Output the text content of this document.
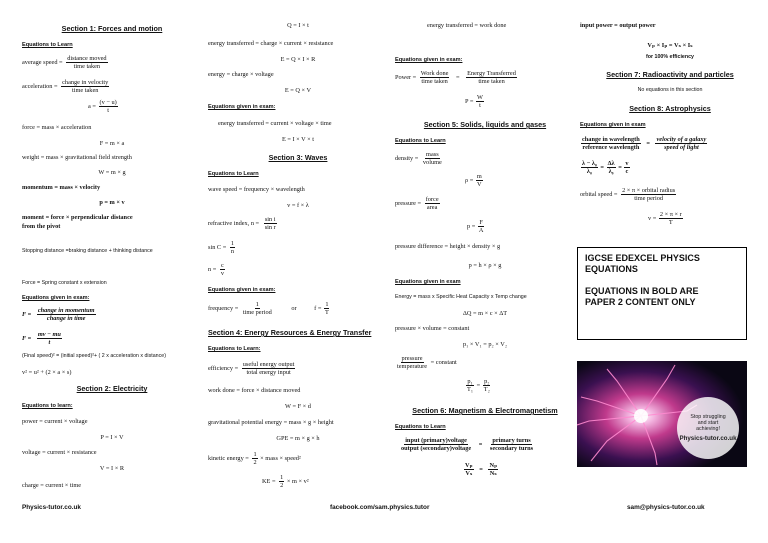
Section 1: Forces and motion
Equations to Learn
average speed = $\frac{\text{distance moved}}{\text{time taken}}$
acceleration = $\frac{\text{change in velocity}}{\text{time taken}}$
$a = \frac{(v - u)}{t}$
force = mass × acceleration
F = m × a
weight = mass × gravitational field strength
W = m × g
momentum = mass × velocity
p = m × v
moment = force × perpendicular distance
from the pivot
Stopping distance =braking distance + thinking distance
Force = Spring constant x extension
Equations given in exam:
$F = \frac{\text{change in momentum}}{\text{change in time}}$
$F = \frac{mv - mu}{t}$
(Final speed)² = (initial speed)²+ ( 2 x acceleration x distance)
v² = u² + (2 × a × s)
Section 2: Electricity
Equations to learn:
power = current × voltage
P = I × V
voltage = current × resistance
V = I × R
charge = current × time
Q = I × t
energy transferred = charge × current × resistance
E = Q × I × R
energy = charge × voltage
E = Q × V
Equations given in exam:
energy transferred = current × voltage × time
E = I × V × t
Section 3: Waves
Equations to Learn
wave speed = frequency × wavelength
v = f × λ
refractive index, $n = \frac{\text{sin i}}{\text{sin r}}$
$\sin C = \frac{1}{n}$
$n = \frac{c}{v}$
Equations given in exam:
frequency = $\frac{1}{\text{time period}}$	or	$f = \frac{1}{T}$
Section 4: Energy Resources & Energy Transfer
Equations to Learn:
efficiency = $\frac{\text{useful energy output}}{\text{total energy input}}$
work done = force × distance moved
W = F × d
gravitational potential energy = mass × g × height
GPE = m × g × h
kinetic energy = $\frac{1}{2}$ × mass × speed²
KE = $\frac{1}{2} \times m \times v^2$
energy transferred = work done
Equations given in exam:
Power = $\frac{\text{Work done}}{\text{time taken}} = \frac{\text{Energy Transferred}}{\text{time taken}}$
$P = \frac{W}{t}$
Section 5: Solids, liquids and gases
Equations to Learn
density = $\frac{\text{mass}}{\text{volume}}$
$\rho = \frac{m}{V}$
pressure = $\frac{\text{force}}{\text{area}}$
$p = \frac{F}{A}$
pressure difference = height × density × g
p = h × ρ × g
Equations given in exam
Energy = mass x Specific Heat Capacity x Temp change
ΔQ = m × c × ΔT
pressure × volume = constant
p₁ × V₁ = p₂ × V₂
$\frac{\text{pressure}}{\text{temperature}}$ = constant
$\frac{\text{p₁}}{\text{T₁}} = \frac{\text{p₂}}{\text{T₂}}$
Section 6: Magnetism & Electromagnetism
Equations to Learn
$\frac{\text{input (primary)voltage}}{\text{output (secondary)voltage}} = \frac{\text{primary turns}}{\text{secondary turns}}$
$\frac{\text{Vₚ}}{\text{Vₛ}} = \frac{\text{Nₚ}}{\text{Nₛ}}$
input power = output power
Vₚ × Iₚ = Vₛ × Iₛ
for 100% efficiency
Section 7: Radioactivity and particles
No equations in this section
Section 8: Astrophysics
Equations given in exam
$\frac{\text{change in wavelength}}{\text{reference wavelength}} = \frac{\text{velocity of a galaxy}}{\text{speed of light}}$
$\frac{\text{λ − λ₀}}{\text{λ₀}} = \frac{\Delta\lambda}{\text{λ₀}} = \frac{v}{c}$
orbital speed = $\frac{\text{2 × π × orbital radius}}{\text{time period}}$
$v = \frac{2 \times \pi \times r}{T}$
IGCSE EDEXCEL PHYSICS
EQUATIONS
EQUATIONS IN BOLD ARE
PAPER 2 CONTENT ONLY
Stop struggling
and start
achieving!
Physics-tutor.co.uk
Physics-tutor.co.uk	facebook.com/sam.physics.tutor	sam@physics-tutor.co.uk
